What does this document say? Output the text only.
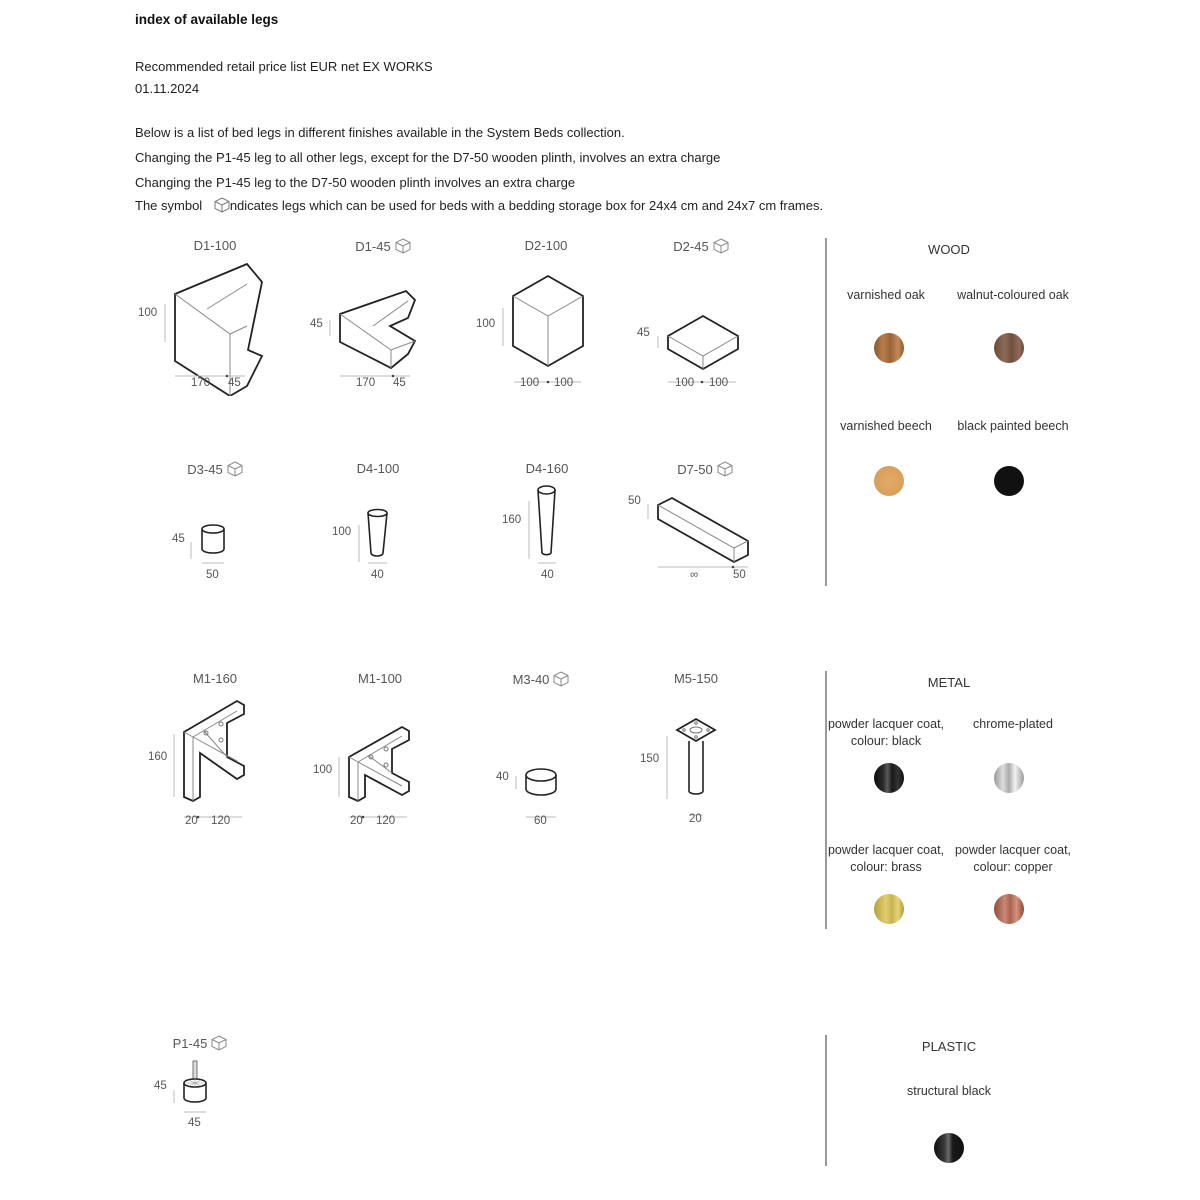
index of available legs
Recommended retail price list EUR net EX WORKS
01.11.2024
Below is a list of bed legs in different finishes available in the System Beds collection.
Changing the P1-45 leg to all other legs, except for the D7-50 wooden plinth, involves an extra charge
Changing the P1-45 leg to the D7-50 wooden plinth involves an extra charge
The symbol ndicates legs which can be used for beds with a bedding storage box for 24x4 cm and 24x7 cm frames.
D1-100
100
170 45
D1-45
45
170 45
D2-100
100
100 100
D2-45
45
100 100
D3-45
45
50
D4-100
100
40
D4-160
160
40
D7-50
50
∞	50
WOOD
varnished oak	walnut-coloured oak
varnished beech	black painted beech
M1-160
160
20 120
M1-100
100
20 120
M3-40
40
60
M5-150
150
20
METAL
powder lacquer coat, colour: black
chrome-plated
powder lacquer coat, colour: brass
powder lacquer coat, colour: copper
P1-45
45
45
PLASTIC
structural black
